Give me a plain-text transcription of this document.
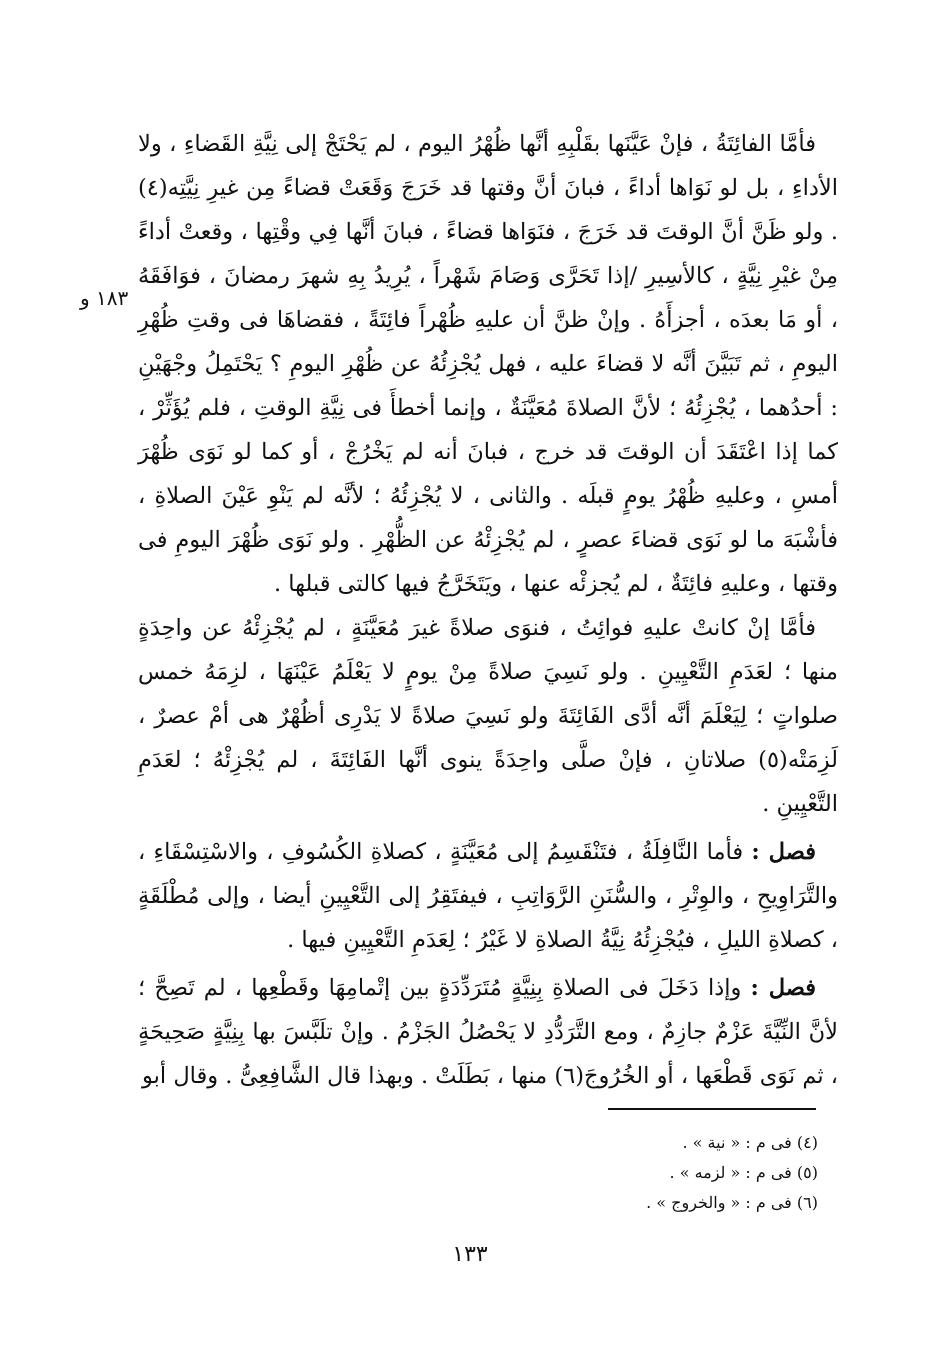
١٨٣ و

فأمَّا الفائِتَةُ ، فإنْ عَيَّنَها بقَلْبِهِ أنَّها ظُهْرُ اليوم ، لم يَحْتَجْ إلى نِيَّةِ القَضاءِ ، ولا الأداءِ ، بل لو نَوَاها أداءً ، فبانَ أنَّ وقتها قد خَرَجَ وَقَعَتْ قضاءً مِن غيرِ نِيَّتِه(٤) . ولو ظَنَّ أنَّ الوقتَ قد خَرَجَ ، فنَوَاها قضاءً ، فبانَ أنَّها فِي وقْتِها ، وقعتْ أداءً مِنْ غيْرِ نِيَّةٍ ، كالأسِيرِ /إذا تَحَرَّى وَصَامَ شَهْراً ، يُرِيدُ بِهِ شهرَ رمضانَ ، فوَافَقَهُ ، أو مَا بعدَه ، أجزأَهُ . وإنْ ظنَّ أن عليهِ ظُهْراً فائِتَةً ، فقضاهَا فى وقتِ ظُهْرِ اليومِ ، ثم تَبَيَّنَ أنَّه لا قضاءَ عليه ، فهل يُجْزِئُهُ عن ظُهْرِ اليومِ ؟ يَحْتَمِلُ وجْهَيْنِ : أحدُهما ، يُجْزِئُهُ ؛ لأنَّ الصلاةَ مُعَيَّنَةٌ ، وإنما أخطأَ فى نِيَّةِ الوقتِ ، فلم يُؤَثِّرْ ، كما إذا اعْتَقَدَ أن الوقتَ قد خرج ، فبانَ أنه لم يَخْرُجْ ، أو كما لو نَوَى ظُهْرَ أمسِ ، وعليهِ ظُهْرُ يومٍ قبلَه . والثانى ، لا يُجْزِئُهُ ؛ لأنَّه لم يَنْوِ عَيْنَ الصلاةِ ، فأشْبَهَ ما لو نَوَى قضاءَ عصرٍ ، لم يُجْزِئْهُ عن الظُّهْرِ . ولو نَوَى ظُهْرَ اليومِ فى وقتها ، وعليهِ فائِتَةٌ ، لم يُجزئْه عنها ، ويَتَخَرَّجُ فيها كالتى قبلها .

فأمَّا إنْ كانتْ عليهِ فوائِتُ ، فنوَى صلاةً غيرَ مُعَيَّنَةٍ ، لم يُجْزِئْهُ عن واحِدَةٍ منها ؛ لعَدَمِ التَّعْيِينِ . ولو نَسِيَ صلاةً مِنْ يومٍ لا يَعْلَمُ عَيْنَهَا ، لزِمَهُ خمس صلواتٍ ؛ لِيَعْلَمَ أنَّه أدَّى الفَائِتَةَ ولو نَسِيَ صلاةً لا يَدْرِى أظُهْرٌ هى أمْ عصرٌ ، لَزِمَتْه(٥) صلاتانِ ، فإنْ صلَّى واحِدَةً ينوى أنَّها الفَائِتَةَ ، لم يُجْزِئْهُ ؛ لعَدَمِ التَّعْيِينِ .

فصل : فأما النَّافِلَةُ ، فتَنْقَسِمُ إلى مُعَيَّنَةٍ ، كصلاةِ الكُسُوفِ ، والاسْتِسْقَاءِ ، والتَّرَاوِيحِ ، والوِتْرِ ، والسُّنَنِ الرَّوَاتِبِ ، فيفتَقِرُ إلى التَّعْيِينِ أيضا ، وإلى مُطْلَقَةٍ ، كصلاةِ الليلِ ، فيُجْزِئُهُ نِيَّةُ الصلاةِ لا غَيْرُ ؛ لِعَدَمِ التَّعْيِينِ فيها .

فصل : وإذا دَخَلَ فى الصلاةِ بِنِيَّةٍ مُتَرَدِّدَةٍ بين إتْمامِهَا وقَطْعِها ، لم تَصِحَّ ؛ لأنَّ النِّيَّةَ عَزْمٌ جازِمٌ ، ومع التَّرَدُّدِ لا يَحْصُلُ الجَزْمُ . وإنْ تلَبَّسَ بها بِنِيَّةٍ صَحِيحَةٍ ، ثم نَوَى قَطْعَها ، أو الخُرُوجَ(٦) منها ، بَطَلَتْ . وبهذا قال الشَّافِعِىُّ . وقال أبو

(٤) فى م : « نية » .
(٥) فى م : « لزمه » .
(٦) فى م : « والخروج » .
١٣٣
